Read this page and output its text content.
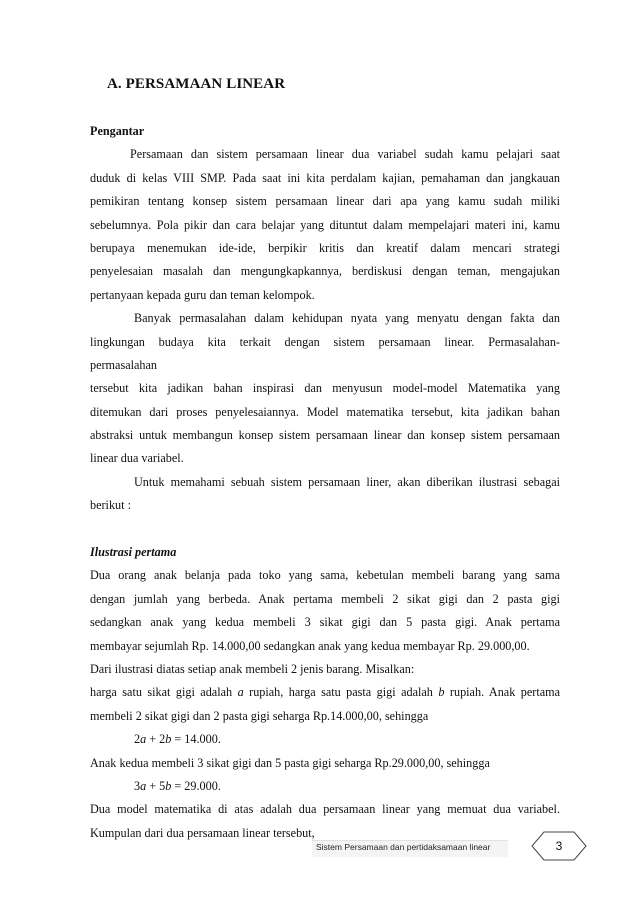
A. PERSAMAAN LINEAR
Pengantar
Persamaan dan sistem persamaan linear dua variabel sudah kamu pelajari saat
duduk di kelas VIII SMP. Pada saat ini kita perdalam kajian, pemahaman dan jangkauan
pemikiran tentang konsep sistem persamaan linear dari apa yang kamu sudah miliki
sebelumnya. Pola pikir dan cara belajar yang dituntut dalam mempelajari materi ini, kamu
berupaya menemukan ide-ide, berpikir kritis dan kreatif dalam mencari strategi
penyelesaian masalah dan mengungkapkannya, berdiskusi dengan teman, mengajukan
pertanyaan kepada guru dan teman kelompok.
Banyak permasalahan dalam kehidupan nyata yang menyatu dengan fakta dan
lingkungan budaya kita terkait dengan sistem persamaan linear. Permasalahan-
permasalahan
tersebut kita jadikan bahan inspirasi dan menyusun model-model Matematika yang
ditemukan dari proses penyelesaiannya. Model matematika tersebut, kita jadikan bahan
abstraksi untuk membangun konsep sistem persamaan linear dan konsep sistem persamaan
linear dua variabel.
Untuk memahami sebuah sistem persamaan liner, akan diberikan ilustrasi sebagai
berikut :
Ilustrasi pertama
Dua orang anak belanja pada toko yang sama, kebetulan membeli barang yang sama
dengan jumlah yang berbeda. Anak pertama membeli 2 sikat gigi dan 2 pasta gigi
sedangkan anak yang kedua membeli 3 sikat gigi dan 5 pasta gigi. Anak pertama
membayar sejumlah Rp. 14.000,00 sedangkan anak yang kedua membayar Rp. 29.000,00.
Dari ilustrasi diatas setiap anak membeli 2 jenis barang. Misalkan:
harga satu sikat gigi adalah a rupiah, harga satu pasta gigi adalah b rupiah. Anak pertama
membeli 2 sikat gigi dan 2 pasta gigi seharga Rp.14.000,00, sehingga
2a + 2b = 14.000.
Anak kedua membeli 3 sikat gigi dan 5 pasta gigi seharga Rp.29.000,00, sehingga
3a + 5b = 29.000.
Dua model matematika di atas adalah dua persamaan linear yang memuat dua variabel.
Kumpulan dari dua persamaan linear tersebut,
Sistem Persamaan dan pertidaksamaan linear	3
